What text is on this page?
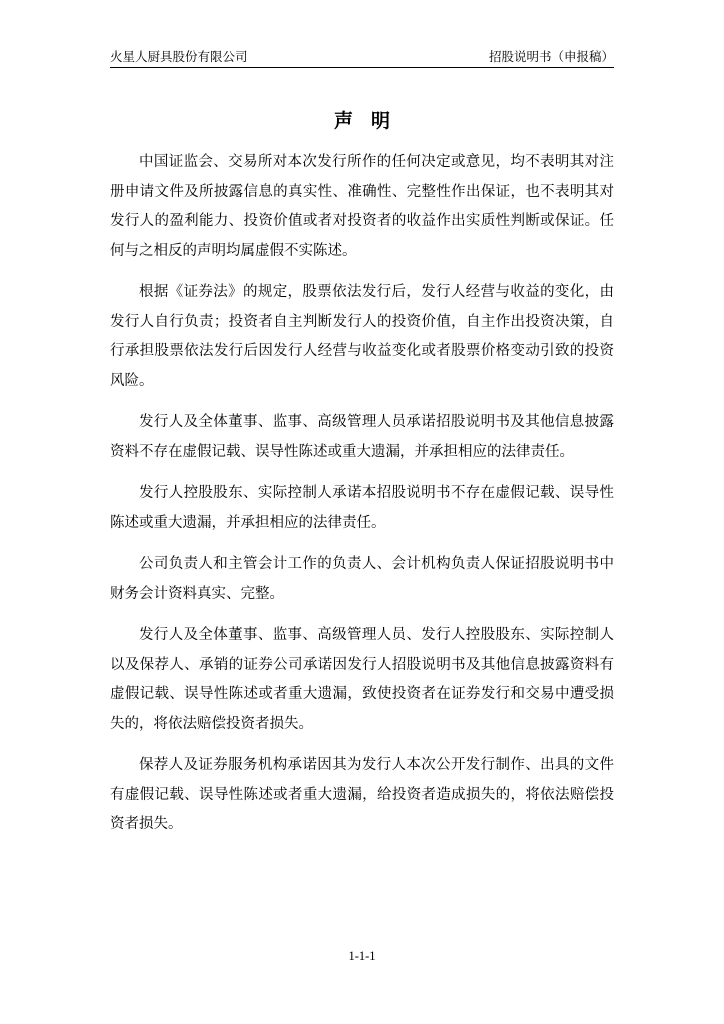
火星人厨具股份有限公司	招股说明书（申报稿）
声明

中国证监会、交易所对本次发行所作的任何决定或意见，均不表明其对注册申请文件及所披露信息的真实性、准确性、完整性作出保证，也不表明其对发行人的盈利能力、投资价值或者对投资者的收益作出实质性判断或保证。任何与之相反的声明均属虚假不实陈述。

根据《证券法》的规定，股票依法发行后，发行人经营与收益的变化，由发行人自行负责；投资者自主判断发行人的投资价值，自主作出投资决策，自行承担股票依法发行后因发行人经营与收益变化或者股票价格变动引致的投资风险。

发行人及全体董事、监事、高级管理人员承诺招股说明书及其他信息披露资料不存在虚假记载、误导性陈述或重大遗漏，并承担相应的法律责任。

发行人控股股东、实际控制人承诺本招股说明书不存在虚假记载、误导性陈述或重大遗漏，并承担相应的法律责任。

公司负责人和主管会计工作的负责人、会计机构负责人保证招股说明书中财务会计资料真实、完整。

发行人及全体董事、监事、高级管理人员、发行人控股股东、实际控制人以及保荐人、承销的证券公司承诺因发行人招股说明书及其他信息披露资料有虚假记载、误导性陈述或者重大遗漏，致使投资者在证券发行和交易中遭受损失的，将依法赔偿投资者损失。

保荐人及证券服务机构承诺因其为发行人本次公开发行制作、出具的文件有虚假记载、误导性陈述或者重大遗漏，给投资者造成损失的，将依法赔偿投资者损失。

1-1-1
